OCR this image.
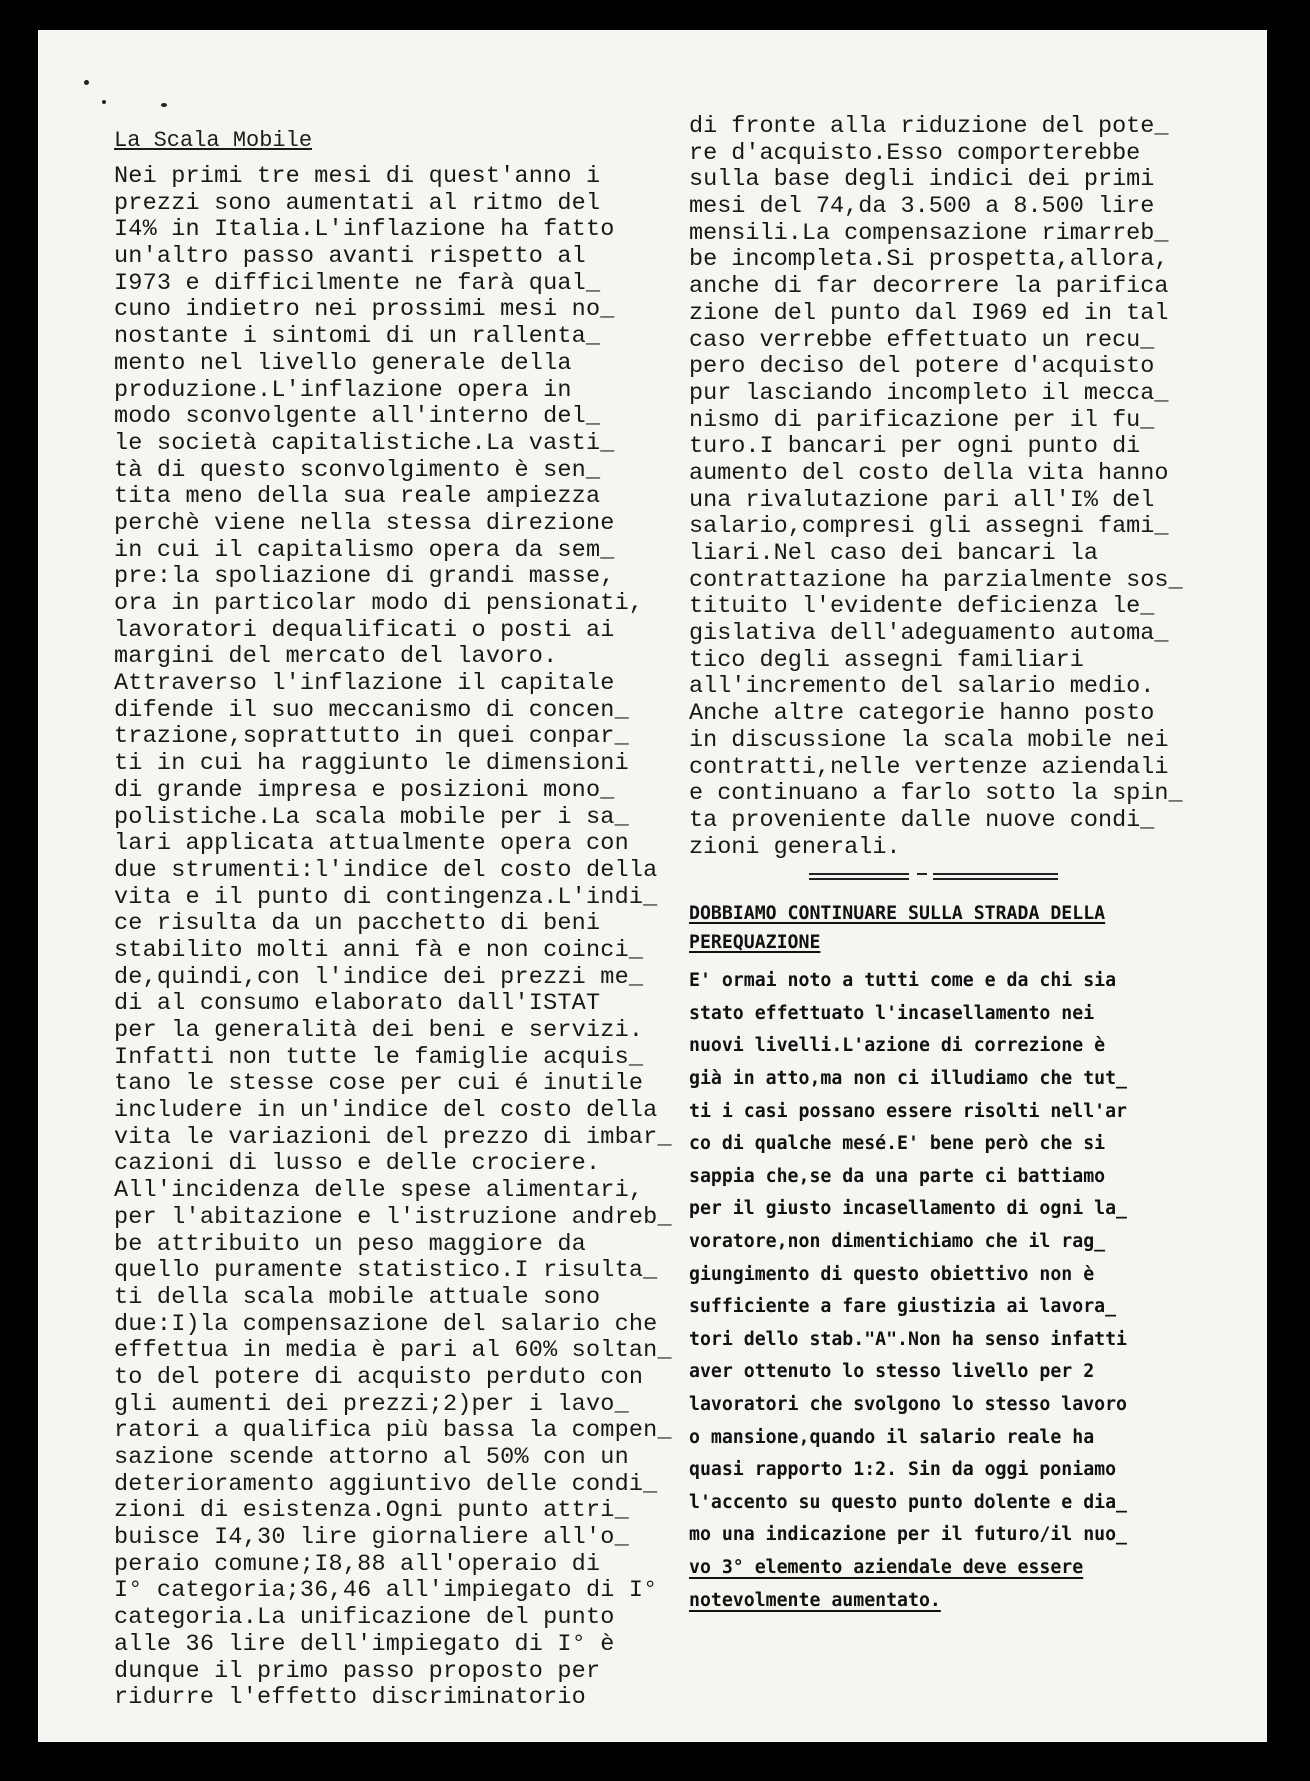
La Scala Mobile
Nei primi tre mesi di quest'anno i
prezzi sono aumentati al ritmo del
I4% in Italia.L'inflazione ha fatto
un'altro passo avanti rispetto al
I973 e difficilmente ne farà qual_
cuno indietro nei prossimi mesi no_
nostante i sintomi di un rallenta_
mento nel livello generale della
produzione.L'inflazione opera in
modo sconvolgente all'interno del_
le società capitalistiche.La vasti_
tà di questo sconvolgimento è sen_
tita meno della sua reale ampiezza
perchè viene nella stessa direzione
in cui il capitalismo opera da sem_
pre:la spoliazione di grandi masse,
ora in particolar modo di pensionati,
lavoratori dequalificati o posti ai
margini del mercato del lavoro.
Attraverso l'inflazione il capitale
difende il suo meccanismo di concen_
trazione,soprattutto in quei conpar_
ti in cui ha raggiunto le dimensioni
di grande impresa e posizioni mono_
polistiche.La scala mobile per i sa_
lari applicata attualmente opera con
due strumenti:l'indice del costo della
vita e il punto di contingenza.L'indi_
ce risulta da un pacchetto di beni
stabilito molti anni fà e non coinci_
de,quindi,con l'indice dei prezzi me_
di al consumo elaborato dall'ISTAT
per la generalità dei beni e servizi.
Infatti non tutte le famiglie acquis_
tano le stesse cose per cui é inutile
includere in un'indice del costo della
vita le variazioni del prezzo di imbar_
cazioni di lusso e delle crociere.
All'incidenza delle spese alimentari,
per l'abitazione e l'istruzione andreb_
be attribuito un peso maggiore da
quello puramente statistico.I risulta_
ti della scala mobile attuale sono
due:I)la compensazione del salario che
effettua in media è pari al 60% soltan_
to del potere di acquisto perduto con
gli aumenti dei prezzi;2)per i lavo_
ratori a qualifica più bassa la compen_
sazione scende attorno al 50% con un
deterioramento aggiuntivo delle condi_
zioni di esistenza.Ogni punto attri_
buisce I4,30 lire giornaliere all'o_
peraio comune;I8,88 all'operaio di
I° categoria;36,46 all'impiegato di I°
categoria.La unificazione del punto
alle 36 lire dell'impiegato di I° è
dunque il primo passo proposto per
ridurre l'effetto discriminatorio
di fronte alla riduzione del pote_
re d'acquisto.Esso comporterebbe
sulla base degli indici dei primi
mesi del 74,da 3.500 a 8.500 lire
mensili.La compensazione rimarreb_
be incompleta.Si prospetta,allora,
anche di far decorrere la parifica
zione del punto dal I969 ed in tal
caso verrebbe effettuato un recu_
pero deciso del potere d'acquisto
pur lasciando incompleto il mecca_
nismo di parificazione per il fu_
turo.I bancari per ogni punto di
aumento del costo della vita hanno
una rivalutazione pari all'I% del
salario,compresi gli assegni fami_
liari.Nel caso dei bancari la
contrattazione ha parzialmente sos_
tituito l'evidente deficienza le_
gislativa dell'adeguamento automa_
tico degli assegni familiari
all'incremento del salario medio.
Anche altre categorie hanno posto
in discussione la scala mobile nei
contratti,nelle vertenze aziendali
e continuano a farlo sotto la spin_
ta proveniente dalle nuove condi_
zioni generali.
DOBBIAMO CONTINUARE SULLA STRADA DELLA
PEREQUAZIONE
E' ormai noto a tutti come e da chi sia
stato effettuato l'incasellamento nei
nuovi livelli.L'azione di correzione è
già in atto,ma non ci illudiamo che tut_
ti i casi possano essere risolti nell'ar
co di qualche mesé.E' bene però che si
sappia che,se da una parte ci battiamo
per il giusto incasellamento di ogni la_
voratore,non dimentichiamo che il rag_
giungimento di questo obiettivo non è
sufficiente a fare giustizia ai lavora_
tori dello stab."A".Non ha senso infatti
aver ottenuto lo stesso livello per 2
lavoratori che svolgono lo stesso lavoro
o mansione,quando il salario reale ha
quasi rapporto 1:2. Sin da oggi poniamo
l'accento su questo punto dolente e dia_
mo una indicazione per il futuro/il nuo_
vo 3° elemento aziendale deve essere
notevolmente aumentato.
